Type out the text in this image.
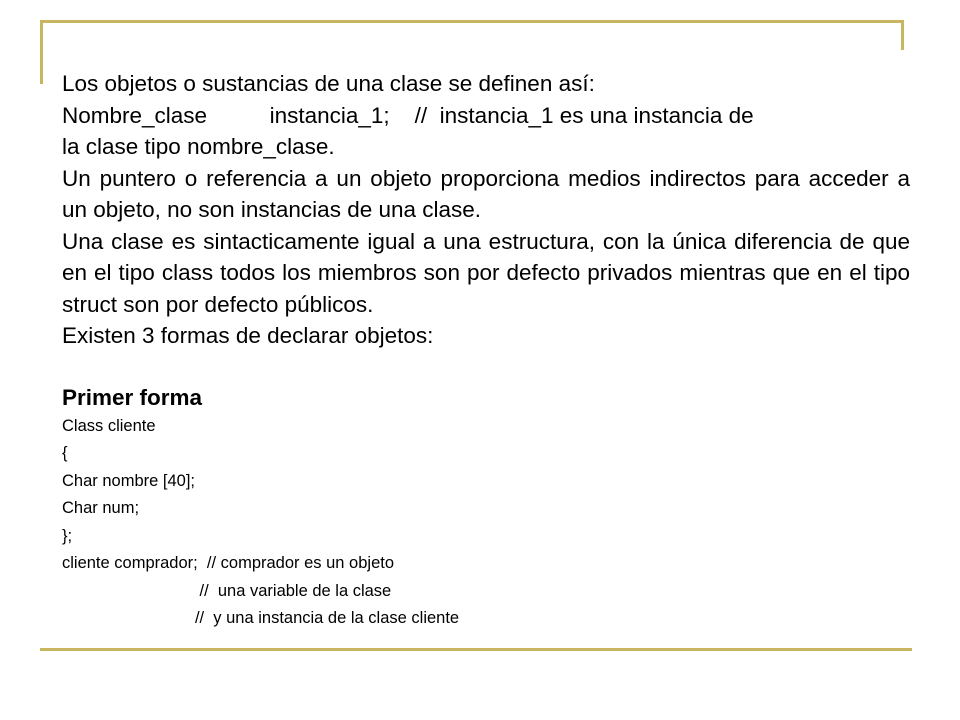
Los objetos o sustancias de una clase se definen así:

Nombre_clase          instancia_1;    //  instancia_1 es una instancia de

la clase tipo nombre_clase.

Un puntero o referencia a un objeto proporciona medios indirectos para acceder a un objeto, no son instancias de una clase.

Una clase es sintacticamente igual a una estructura, con la única diferencia de que en el tipo class todos los miembros son por defecto privados mientras que en el tipo struct son por defecto públicos.

Existen 3 formas de declarar objetos:

Primer forma

Class cliente

{

Char nombre [40];

Char num;

};

cliente comprador;  // comprador es un objeto

//  una variable de la clase

//  y una instancia de la clase cliente
